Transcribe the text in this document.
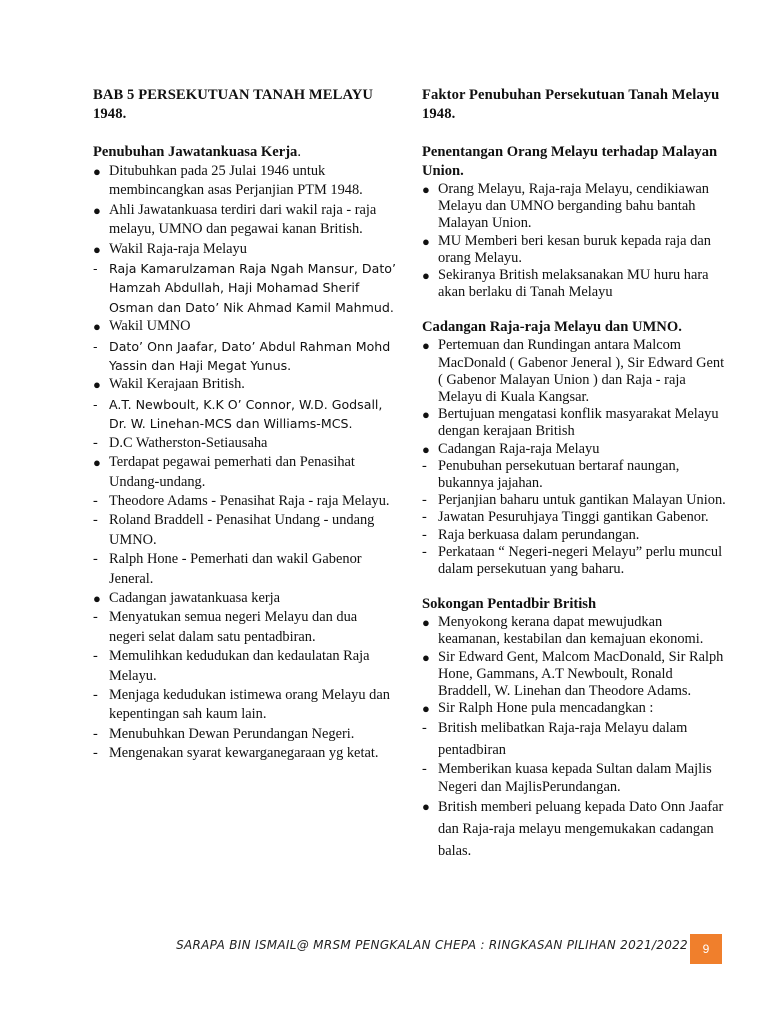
BAB 5 PERSEKUTUAN TANAH MELAYU 1948.
Penubuhan Jawatankuasa Kerja.
● Ditubuhkan pada 25 Julai 1946 untuk membincangkan asas Perjanjian PTM 1948.
● Ahli Jawatankuasa terdiri dari wakil raja - raja melayu, UMNO dan pegawai kanan British.
● Wakil Raja-raja Melayu
- Raja Kamarulzaman Raja Ngah Mansur, Dato’ Hamzah Abdullah, Haji Mohamad Sherif Osman dan Dato’ Nik Ahmad Kamil Mahmud.
● Wakil UMNO
- Dato’ Onn Jaafar, Dato’ Abdul Rahman Mohd Yassin dan Haji Megat Yunus.
● Wakil Kerajaan British.
- A.T. Newboult, K.K O’ Connor, W.D. Godsall, Dr. W. Linehan-MCS dan Williams-MCS.
- D.C Watherston-Setiausaha
● Terdapat pegawai pemerhati dan Penasihat Undang-undang.
- Theodore Adams - Penasihat Raja - raja Melayu.
- Roland Braddell - Penasihat Undang - undang UMNO.
- Ralph Hone - Pemerhati dan wakil Gabenor Jeneral.
● Cadangan jawatankuasa kerja
- Menyatukan semua negeri Melayu dan dua negeri selat dalam satu pentadbiran.
- Memulihkan kedudukan dan kedaulatan Raja Melayu.
- Menjaga kedudukan istimewa orang Melayu dan kepentingan sah kaum lain.
- Menubuhkan Dewan Perundangan Negeri.
- Mengenakan syarat kewarganegaraan yg ketat.
Faktor Penubuhan Persekutuan Tanah Melayu 1948.
Penentangan Orang Melayu terhadap Malayan Union.
● Orang Melayu, Raja-raja Melayu, cendikiawan Melayu dan UMNO berganding bahu bantah Malayan Union.
● MU Memberi beri kesan buruk kepada raja dan orang Melayu.
● Sekiranya British melaksanakan MU huru hara akan berlaku di Tanah Melayu
Cadangan Raja-raja Melayu dan UMNO.
● Pertemuan dan Rundingan antara Malcom MacDonald ( Gabenor Jeneral ), Sir Edward Gent ( Gabenor Malayan Union ) dan Raja - raja Melayu di Kuala Kangsar.
● Bertujuan mengatasi konflik masyarakat Melayu dengan kerajaan British
● Cadangan Raja-raja Melayu
- Penubuhan persekutuan bertaraf naungan, bukannya jajahan.
- Perjanjian baharu untuk gantikan Malayan Union.
- Jawatan Pesuruhjaya Tinggi gantikan Gabenor.
- Raja berkuasa dalam perundangan.
- Perkataan “ Negeri-negeri Melayu” perlu muncul dalam persekutuan yang baharu.
Sokongan Pentadbir British
● Menyokong kerana dapat mewujudkan keamanan, kestabilan dan kemajuan ekonomi.
● Sir Edward Gent, Malcom MacDonald, Sir Ralph Hone, Gammans, A.T Newboult, Ronald Braddell, W. Linehan dan Theodore Adams.
● Sir Ralph Hone pula mencadangkan :
- British melibatkan Raja-raja Melayu dalam pentadbiran
- Memberikan kuasa kepada Sultan dalam Majlis Negeri dan MajlisPerundangan.
● British memberi peluang kepada Dato Onn Jaafar dan Raja-raja melayu mengemukakan cadangan balas.
SARAPA BIN ISMAIL@ MRSM PENGKALAN CHEPA : RINGKASAN PILIHAN 2021/2022 9
